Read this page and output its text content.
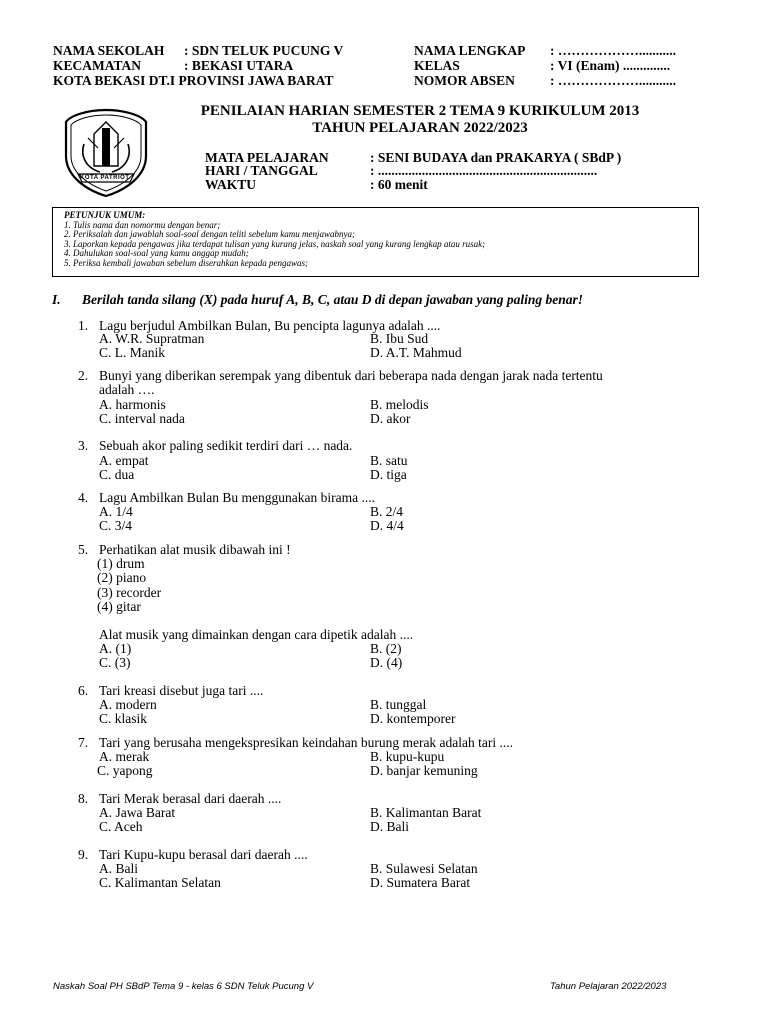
NAMA SEKOLAH : SDN TELUK PUCUNG V
KECAMATAN	: BEKASI UTARA
KOTA BEKASI DT.I PROVINSI JAWA BARAT
NAMA LENGKAP : ………………...........
KELAS	: VI (Enam) ..............
NOMOR ABSEN	: ………………...........
KOTA PATRIOT
PENILAIAN HARIAN SEMESTER 2 TEMA 9 KURIKULUM 2013
TAHUN PELAJARAN 2022/2023
MATA PELAJARAN	: SENI BUDAYA dan PRAKARYA ( SBdP )
HARI / TANGGAL	: .................................................................
WAKTU	: 60 menit
PETUNJUK UMUM:
1. Tulis nama dan nomormu dengan benar;
2. Periksalah dan jawablah soal-soal dengan teliti sebelum kamu menjawabnya;
3. Laporkan kepada pengawas jika terdapat tulisan yang kurang jelas, naskah soal yang kurang lengkap atau rusak;
4. Dahulukan soal-soal yang kamu anggap mudah;
5. Periksa kembali jawaban sebelum diserahkan kepada pengawas;
I. Berilah tanda silang (X) pada huruf A, B, C, atau D di depan jawaban yang paling benar!
1. Lagu berjudul Ambilkan Bulan, Bu pencipta lagunya adalah ....
A. W.R. Supratman	B. Ibu Sud
C. L. Manik	D. A.T. Mahmud
2. Bunyi yang diberikan serempak yang dibentuk dari beberapa nada dengan jarak nada tertentu
adalah ….
A. harmonis	B. melodis
C. interval nada	D. akor
3. Sebuah akor paling sedikit terdiri dari … nada.
A. empat	B. satu
C. dua	D. tiga
4. Lagu Ambilkan Bulan Bu menggunakan birama ....
A. 1/4	B. 2/4
C. 3/4	D. 4/4
5. Perhatikan alat musik dibawah ini !
(1) drum
(2) piano
(3) recorder
(4) gitar
Alat musik yang dimainkan dengan cara dipetik adalah ....
A. (1)	B. (2)
C. (3)	D. (4)
6. Tari kreasi disebut juga tari ....
A. modern	B. tunggal
C. klasik	D. kontemporer
7. Tari yang berusaha mengekspresikan keindahan burung merak adalah tari ....
A. merak	B. kupu-kupu
C. yapong	D. banjar kemuning
8. Tari Merak berasal dari daerah ....
A. Jawa Barat	B. Kalimantan Barat
C. Aceh	D. Bali
9. Tari Kupu-kupu berasal dari daerah ....
A. Bali	B. Sulawesi Selatan
C. Kalimantan Selatan	D. Sumatera Barat
Naskah Soal PH SBdP Tema 9 - kelas 6 SDN Teluk Pucung V	Tahun Pelajaran 2022/2023
